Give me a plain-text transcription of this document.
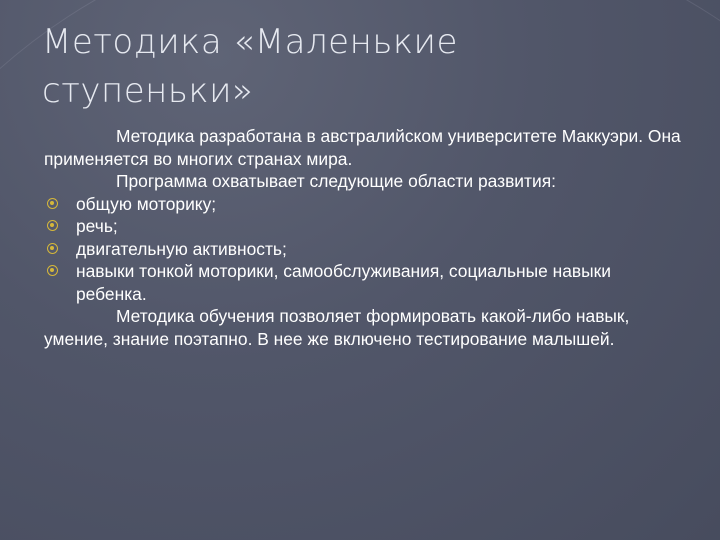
Методика «Маленькие
ступеньки»

Методика разработана в австралийском университете Маккуэри. Она применяется во многих странах мира.

Программа охватывает следующие области развития:

общую моторику;
речь;
двигательную активность;
навыки тонкой моторики, самообслуживания, социальные навыки ребенка.

Методика обучения позволяет формировать какой-либо навык, умение, знание поэтапно. В нее же включено тестирование малышей.
